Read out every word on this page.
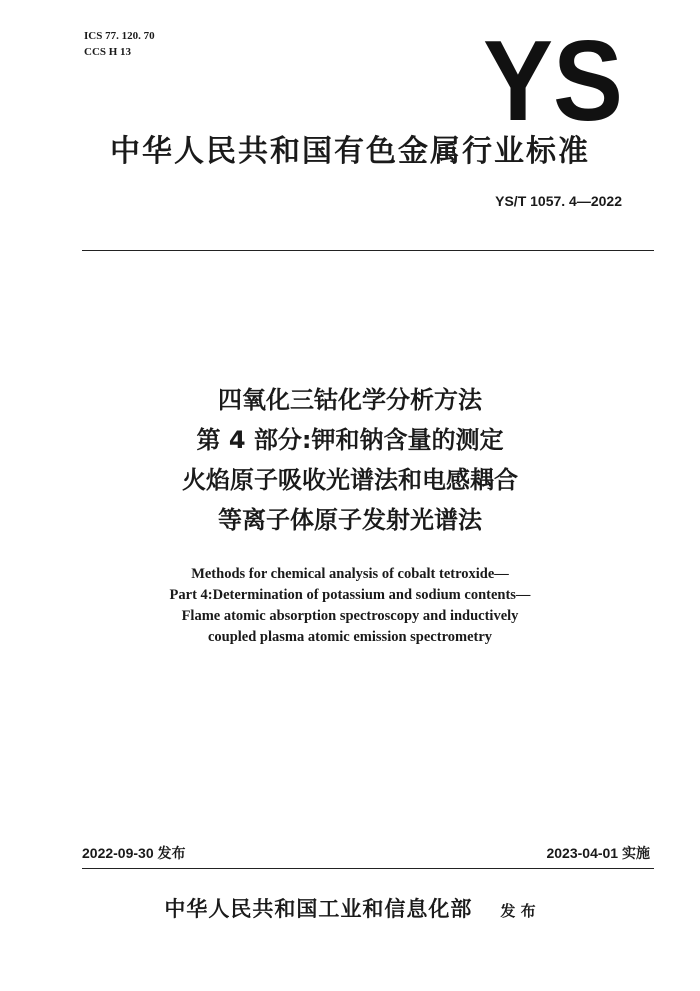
ICS 77. 120. 70
CCS H 13	YS
中华人民共和国有色金属行业标准
YS/T 1057. 4—2022
四氧化三钴化学分析方法
第 4 部分:钾和钠含量的测定
火焰原子吸收光谱法和电感耦合
等离子体原子发射光谱法
Methods for chemical analysis of cobalt tetroxide—
Part 4:Determination of potassium and sodium contents—
Flame atomic absorption spectroscopy and inductively
coupled plasma atomic emission spectrometry
2022-09-30 发布	2023-04-01 实施
中华人民共和国工业和信息化部 发 布
